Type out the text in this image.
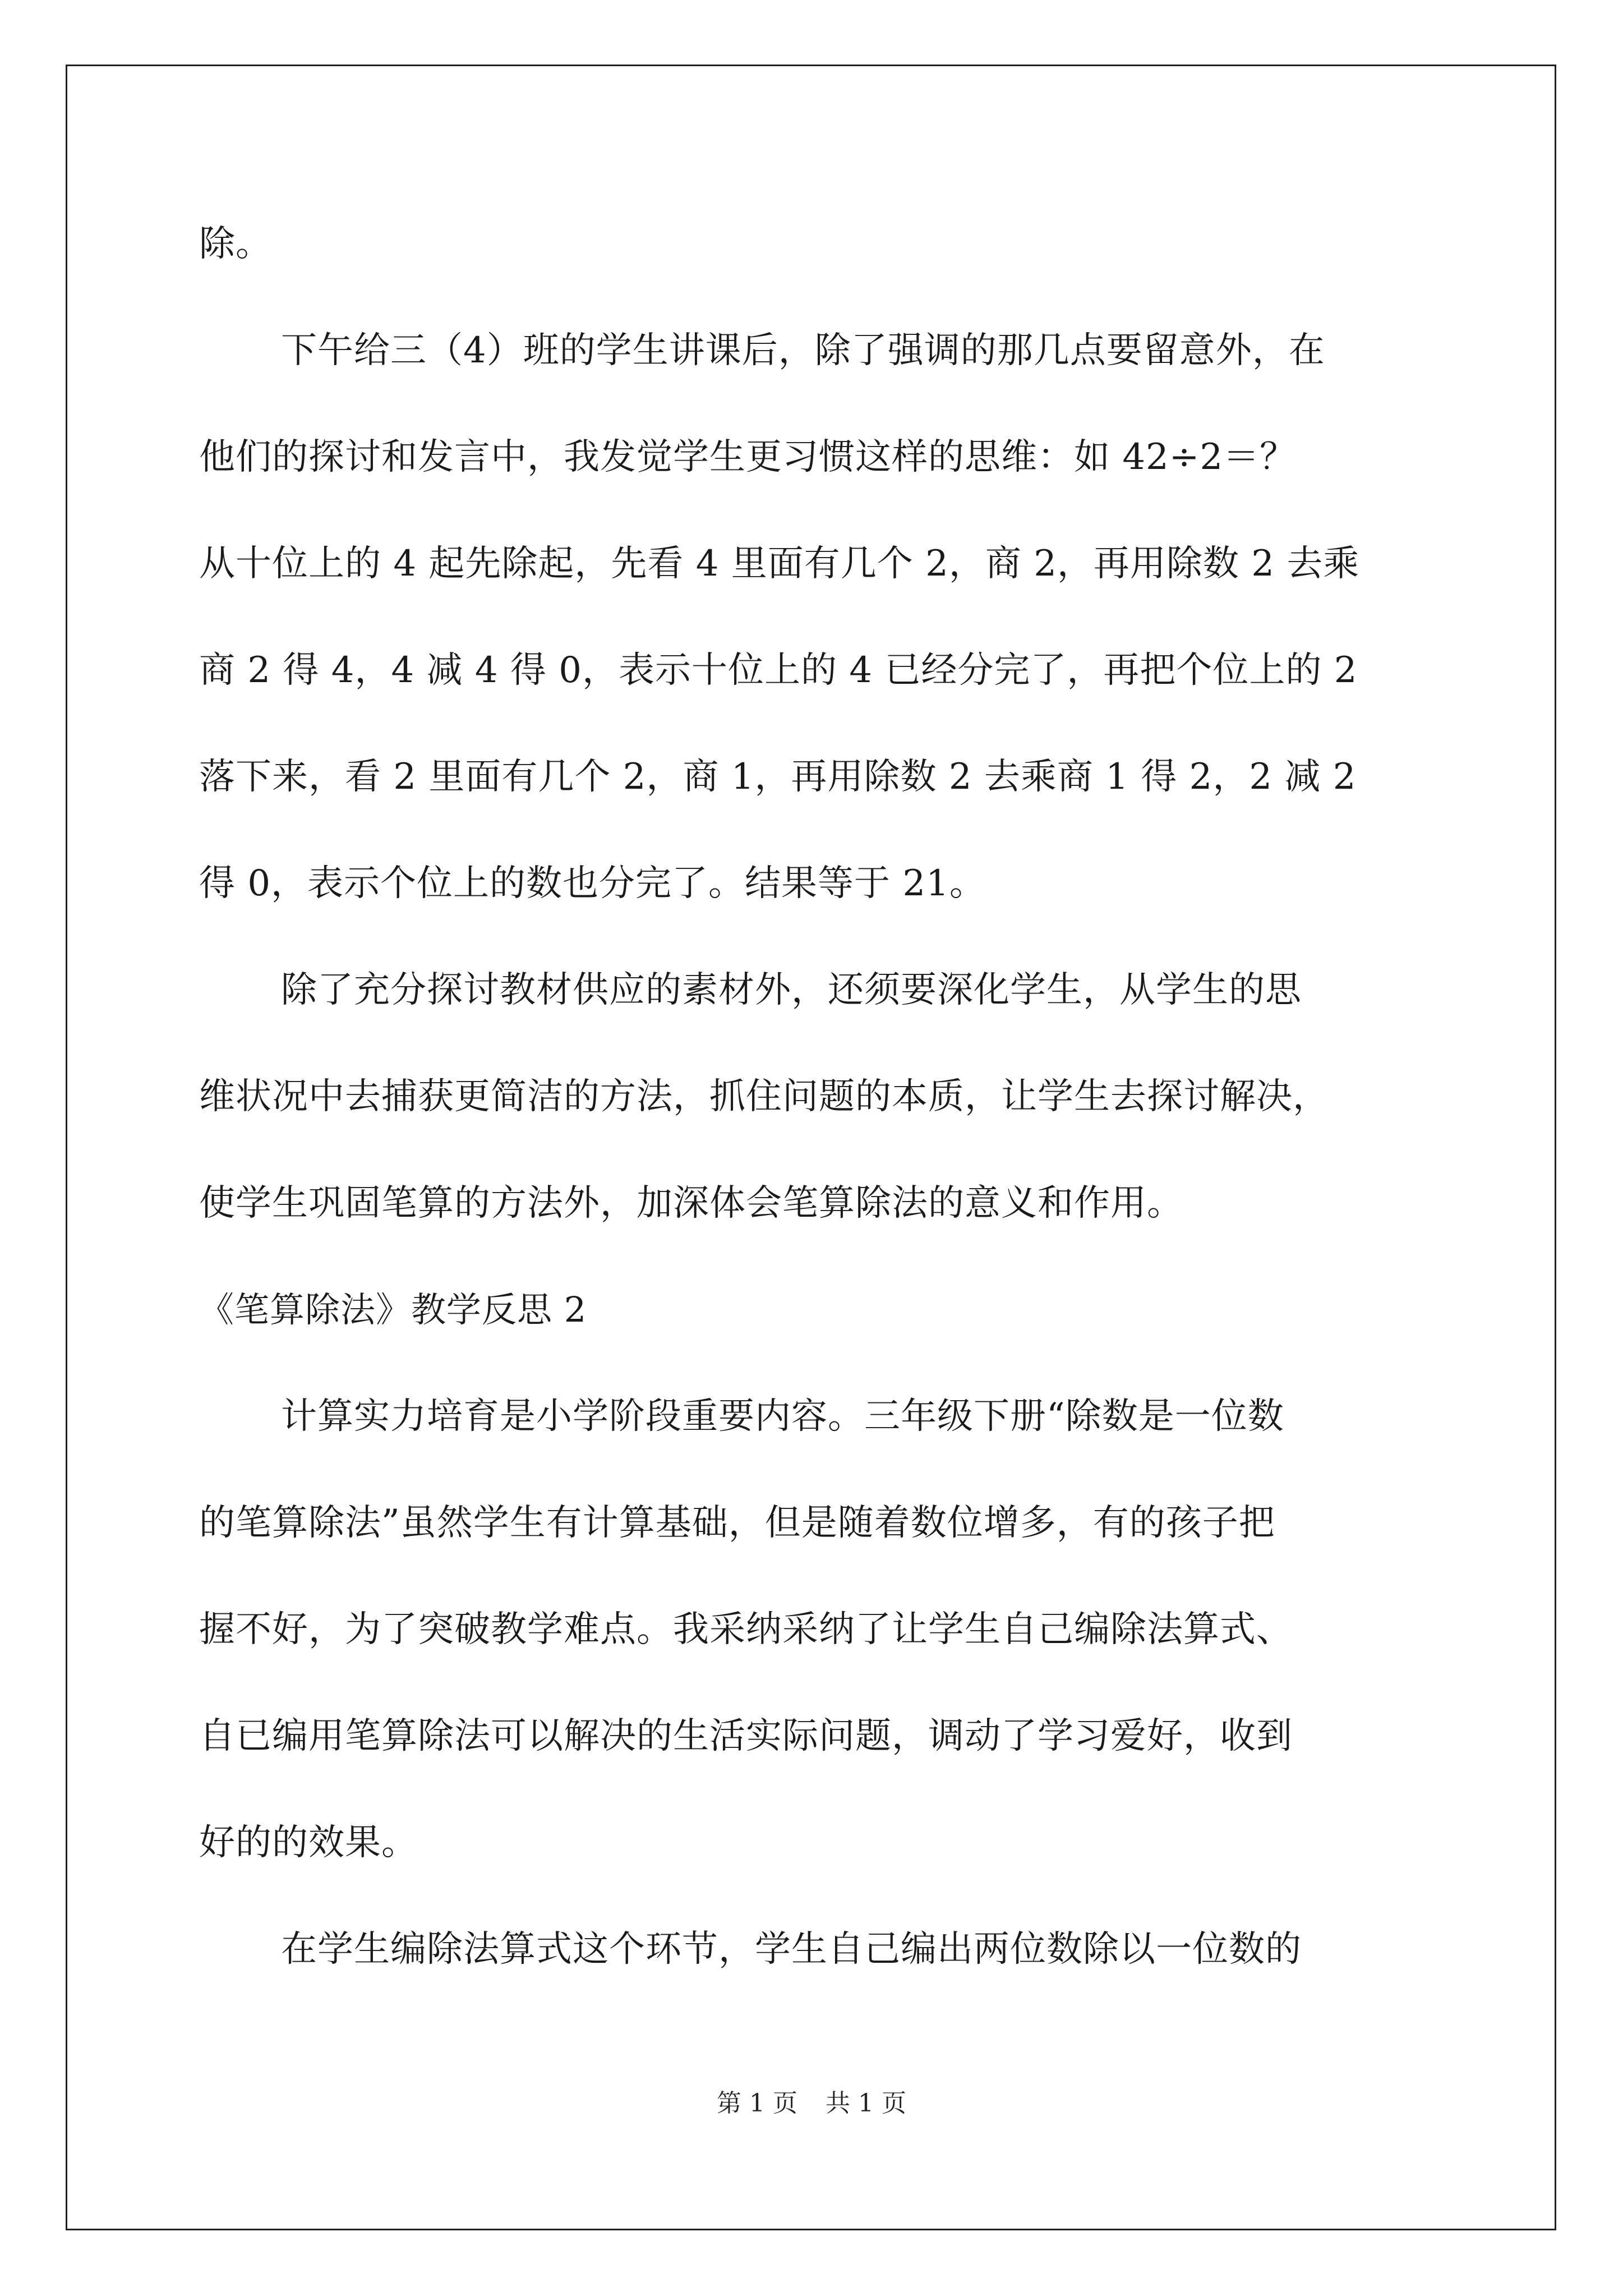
除。
下午给三（4）班的学生讲课后，除了强调的那几点要留意外，在
他们的探讨和发言中，我发觉学生更习惯这样的思维：如 42÷2＝？
从十位上的 4 起先除起，先看 4 里面有几个 2，商 2，再用除数 2 去乘
商 2 得 4，4 减 4 得 0，表示十位上的 4 已经分完了，再把个位上的 2
落下来，看 2 里面有几个 2，商 1，再用除数 2 去乘商 1 得 2，2 减 2
得 0，表示个位上的数也分完了。结果等于 21。
除了充分探讨教材供应的素材外，还须要深化学生，从学生的思
维状况中去捕获更简洁的方法，抓住问题的本质，让学生去探讨解决，
使学生巩固笔算的方法外，加深体会笔算除法的意义和作用。
《笔算除法》教学反思 2
计算实力培育是小学阶段重要内容。三年级下册“除数是一位数
的笔算除法”虽然学生有计算基础，但是随着数位增多，有的孩子把
握不好，为了突破教学难点。我采纳采纳了让学生自己编除法算式、
自已编用笔算除法可以解决的生活实际问题，调动了学习爱好，收到
好的的效果。
在学生编除法算式这个环节，学生自己编出两位数除以一位数的
第 1 页 共 1 页
